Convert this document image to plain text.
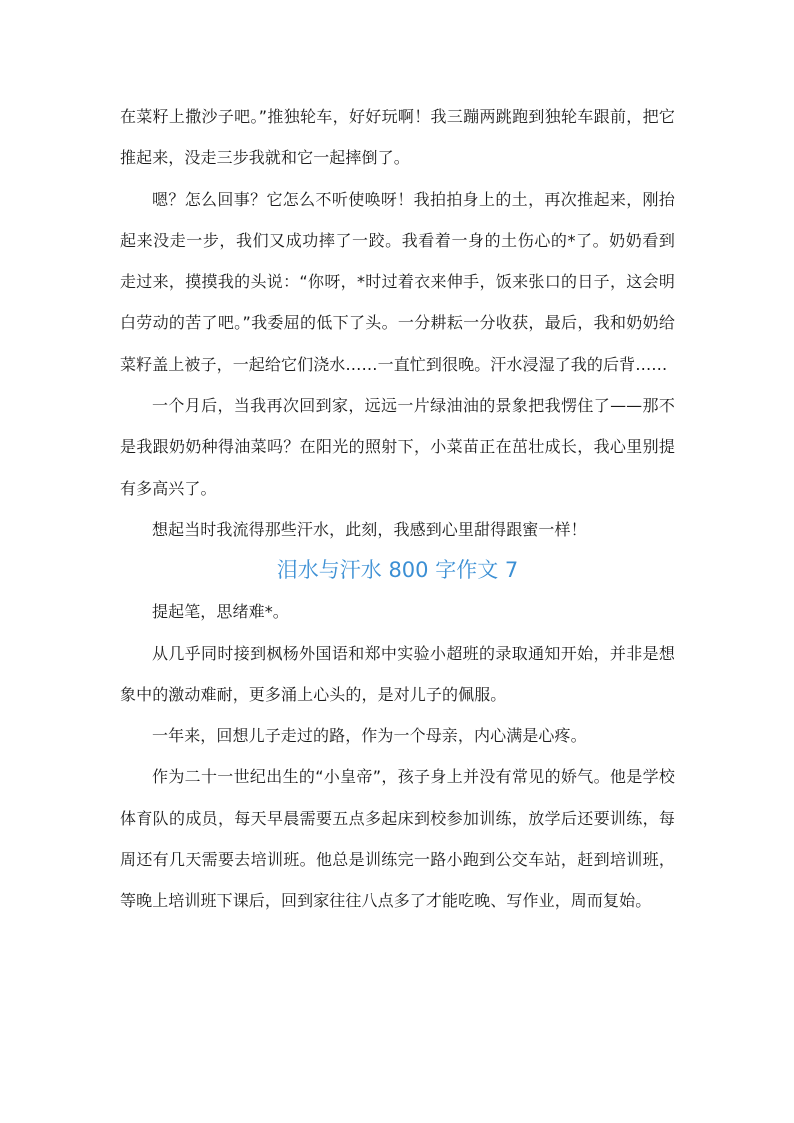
在菜籽上撒沙子吧。”推独轮车，好好玩啊！我三蹦两跳跑到独轮车跟前，把它推起来，没走三步我就和它一起摔倒了。

嗯？怎么回事？它怎么不听使唤呀！我拍拍身上的土，再次推起来，刚抬起来没走一步，我们又成功摔了一跤。我看着一身的土伤心的*了。奶奶看到走过来，摸摸我的头说：“你呀，*时过着衣来伸手，饭来张口的日子，这会明白劳动的苦了吧。”我委屈的低下了头。一分耕耘一分收获，最后，我和奶奶给菜籽盖上被子，一起给它们浇水……一直忙到很晚。汗水浸湿了我的后背……

一个月后，当我再次回到家，远远一片绿油油的景象把我愣住了——那不是我跟奶奶种得油菜吗？在阳光的照射下，小菜苗正在茁壮成长，我心里别提有多高兴了。

想起当时我流得那些汗水，此刻，我感到心里甜得跟蜜一样！

泪水与汗水 800 字作文 7

提起笔，思绪难*。

从几乎同时接到枫杨外国语和郑中实验小超班的录取通知开始，并非是想象中的激动难耐，更多涌上心头的，是对儿子的佩服。

一年来，回想儿子走过的路，作为一个母亲，内心满是心疼。

作为二十一世纪出生的“小皇帝”，孩子身上并没有常见的娇气。他是学校体育队的成员，每天早晨需要五点多起床到校参加训练，放学后还要训练，每周还有几天需要去培训班。他总是训练完一路小跑到公交车站，赶到培训班，等晚上培训班下课后，回到家往往八点多了才能吃晚、写作业，周而复始。
